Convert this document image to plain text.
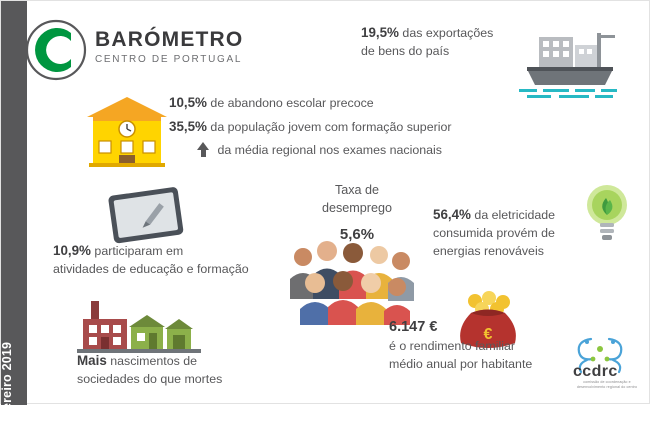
Fevereiro 2019
BARÓMETRO
CENTRO DE PORTUGAL
19,5% das exportações
de bens do país
10,5% de abandono escolar precoce
35,5% da população jovem com formação superior
da média regional nos exames nacionais
10,9% participaram em
atividades de educação e formação
Taxa de
desemprego
5,6%
56,4% da eletricidade
consumida provém de
energias renováveis
Mais nascimentos de
sociedades do que mortes
€
6.147 €
é o rendimento familiar
médio anual por habitante	ccdrc
comissão de coordenação e desenvolvimento regional do centro
